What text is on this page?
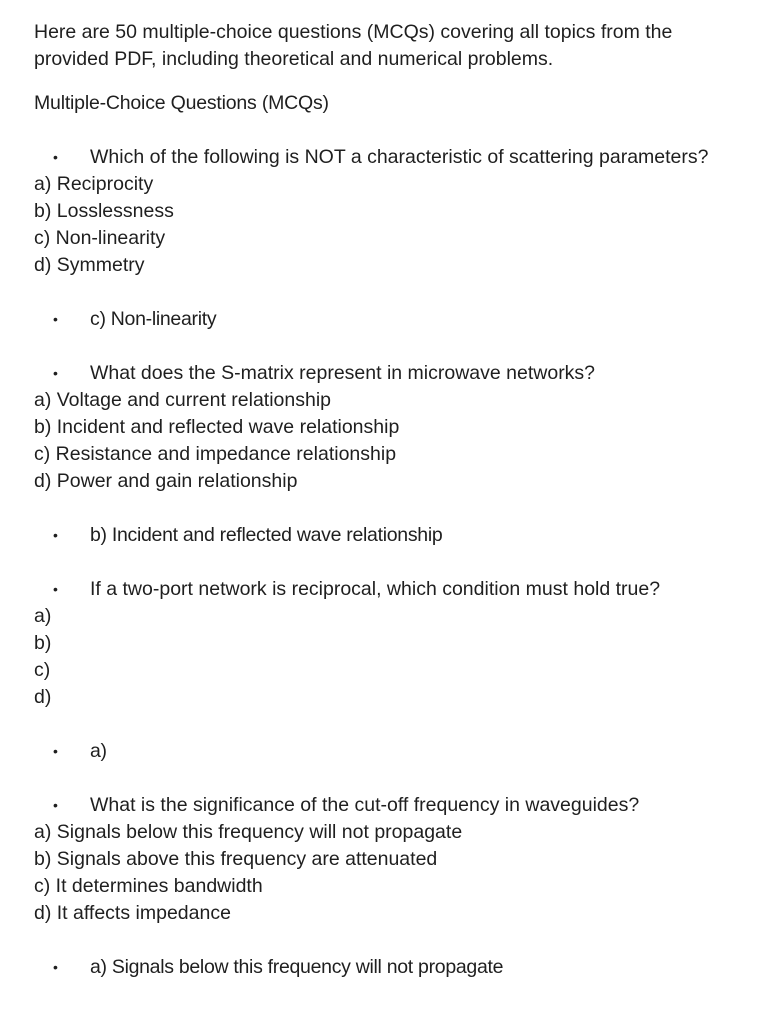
Here are 50 multiple-choice questions (MCQs) covering all topics from the provided PDF, including theoretical and numerical problems.
Multiple-Choice Questions (MCQs)
•	Which of the following is NOT a characteristic of scattering parameters?
a) Reciprocity
b) Losslessness
c) Non-linearity
d) Symmetry
•	c) Non-linearity
•	What does the S-matrix represent in microwave networks?
a) Voltage and current relationship
b) Incident and reflected wave relationship
c) Resistance and impedance relationship
d) Power and gain relationship
•	b) Incident and reflected wave relationship
•	If a two-port network is reciprocal, which condition must hold true?
a)
b)
c)
d)
•	a)
•	What is the significance of the cut-off frequency in waveguides?
a) Signals below this frequency will not propagate
b) Signals above this frequency are attenuated
c) It determines bandwidth
d) It affects impedance
•	a) Signals below this frequency will not propagate
